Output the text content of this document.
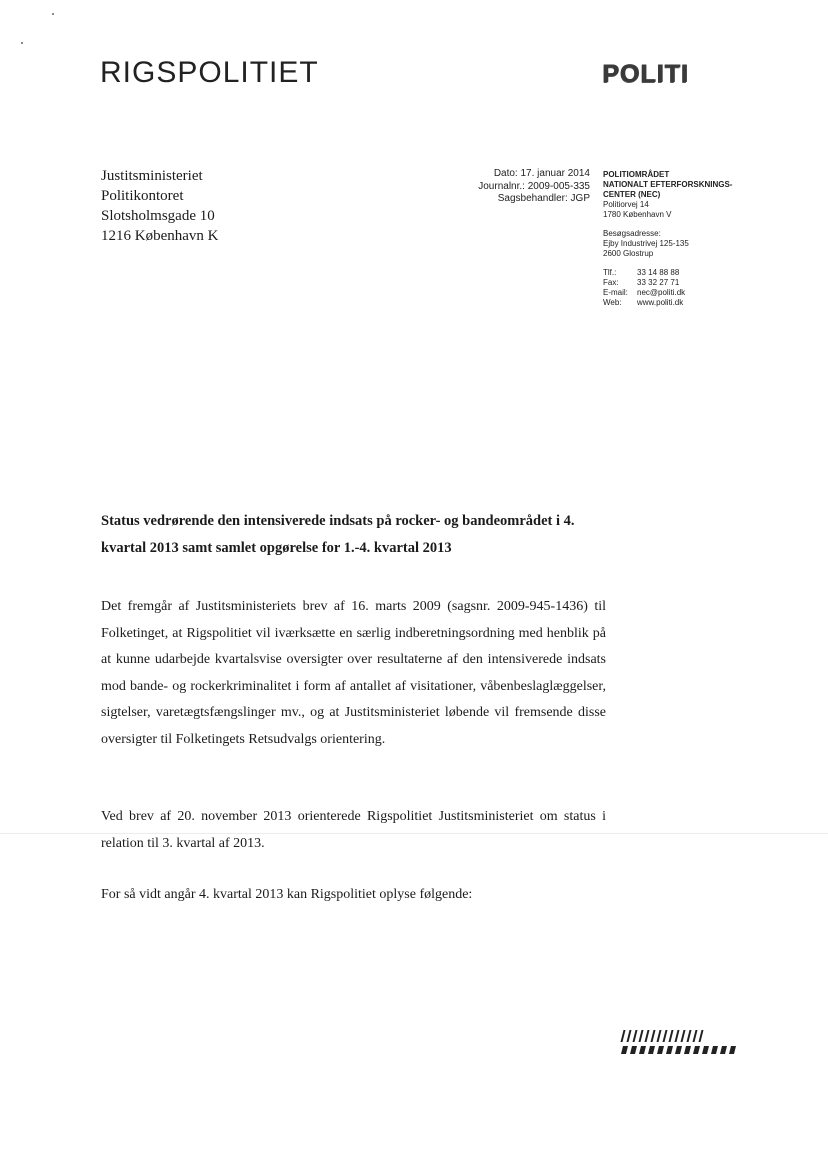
RIGSPOLITIET	POLITI
Justitsministeriet
Politikontoret
Slotsholmsgade 10
1216 København K
Dato: 17. januar 2014
Journalnr.: 2009-005-335
Sagsbehandler: JGP
POLITIOMRÅDET
NATIONALT EFTERFORSKNINGS-
CENTER (NEC)
Politiorvej 14
1780 København V
Besøgsadresse:
Ejby Industrivej 125-135
2600 Glostrup
Tlf.:	33 14 88 88
Fax:	33 32 27 71
E-mail:	nec@politi.dk
Web:	www.politi.dk
Status vedrørende den intensiverede indsats på rocker- og bandeområdet i 4. kvartal 2013 samt samlet opgørelse for 1.-4. kvartal 2013
Det fremgår af Justitsministeriets brev af 16. marts 2009 (sagsnr. 2009-945-1436) til Folketinget, at Rigspolitiet vil iværksætte en særlig indberetningsordning med henblik på at kunne udarbejde kvartalsvise oversigter over resultaterne af den intensiverede indsats mod bande- og rockerkriminalitet i form af antallet af visitationer, våbenbeslaglæggelser, sigtelser, varetægtsfængslinger mv., og at Justitsministeriet løbende vil fremsende disse oversigter til Folketingets Retsudvalgs orientering.
Ved brev af 20. november 2013 orienterede Rigspolitiet Justitsministeriet om status i relation til 3. kvartal af 2013.
For så vidt angår 4. kvartal 2013 kan Rigspolitiet oplyse følgende:
